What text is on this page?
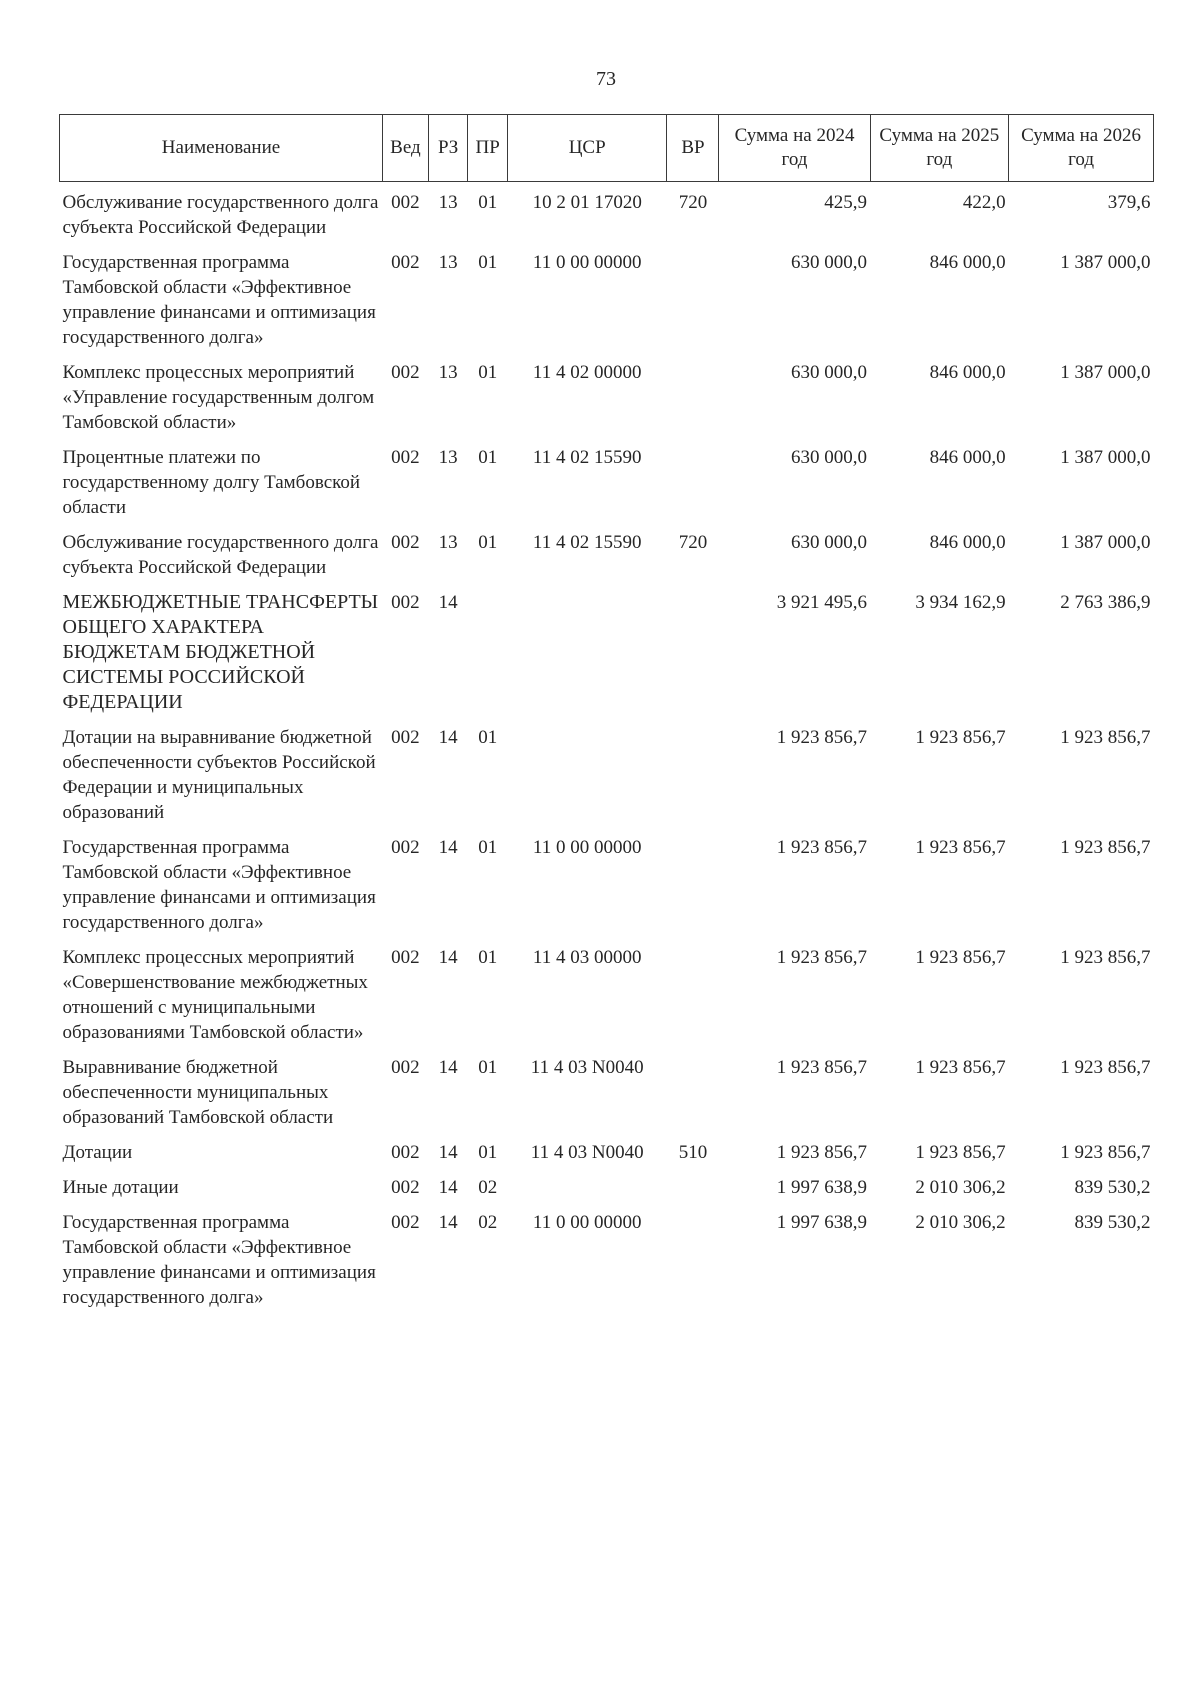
73
Наименование	Вед	РЗ	ПР	ЦСР	ВР	Сумма на 2024 год	Сумма на 2025 год	Сумма на 2026 год
Обслуживание государственного долга субъекта Российской Федерации	002	13	01	10 2 01 17020	720	425,9	422,0	379,6
Государственная программа Тамбовской области «Эффективное управление финансами и оптимизация государственного долга»	002	13	01	11 0 00 00000		630 000,0	846 000,0	1 387 000,0
Комплекс процессных мероприятий «Управление государственным долгом Тамбовской области»	002	13	01	11 4 02 00000		630 000,0	846 000,0	1 387 000,0
Процентные платежи по государственному долгу Тамбовской области	002	13	01	11 4 02 15590		630 000,0	846 000,0	1 387 000,0
Обслуживание государственного долга субъекта Российской Федерации	002	13	01	11 4 02 15590	720	630 000,0	846 000,0	1 387 000,0
МЕЖБЮДЖЕТНЫЕ ТРАНСФЕРТЫ ОБЩЕГО ХАРАКТЕРА БЮДЖЕТАМ БЮДЖЕТНОЙ СИСТЕМЫ РОССИЙСКОЙ ФЕДЕРАЦИИ	002	14				3 921 495,6	3 934 162,9	2 763 386,9
Дотации на выравнивание бюджетной обеспеченности субъектов Российской Федерации и муниципальных образований	002	14	01			1 923 856,7	1 923 856,7	1 923 856,7
Государственная программа Тамбовской области «Эффективное управление финансами и оптимизация государственного долга»	002	14	01	11 0 00 00000		1 923 856,7	1 923 856,7	1 923 856,7
Комплекс процессных мероприятий «Совершенствование межбюджетных отношений с муниципальными образованиями Тамбовской области»	002	14	01	11 4 03 00000		1 923 856,7	1 923 856,7	1 923 856,7
Выравнивание бюджетной обеспеченности муниципальных образований Тамбовской области	002	14	01	11 4 03 N0040		1 923 856,7	1 923 856,7	1 923 856,7
Дотации	002	14	01	11 4 03 N0040	510	1 923 856,7	1 923 856,7	1 923 856,7
Иные дотации	002	14	02			1 997 638,9	2 010 306,2	839 530,2
Государственная программа Тамбовской области «Эффективное управление финансами и оптимизация государственного долга»	002	14	02	11 0 00 00000		1 997 638,9	2 010 306,2	839 530,2
